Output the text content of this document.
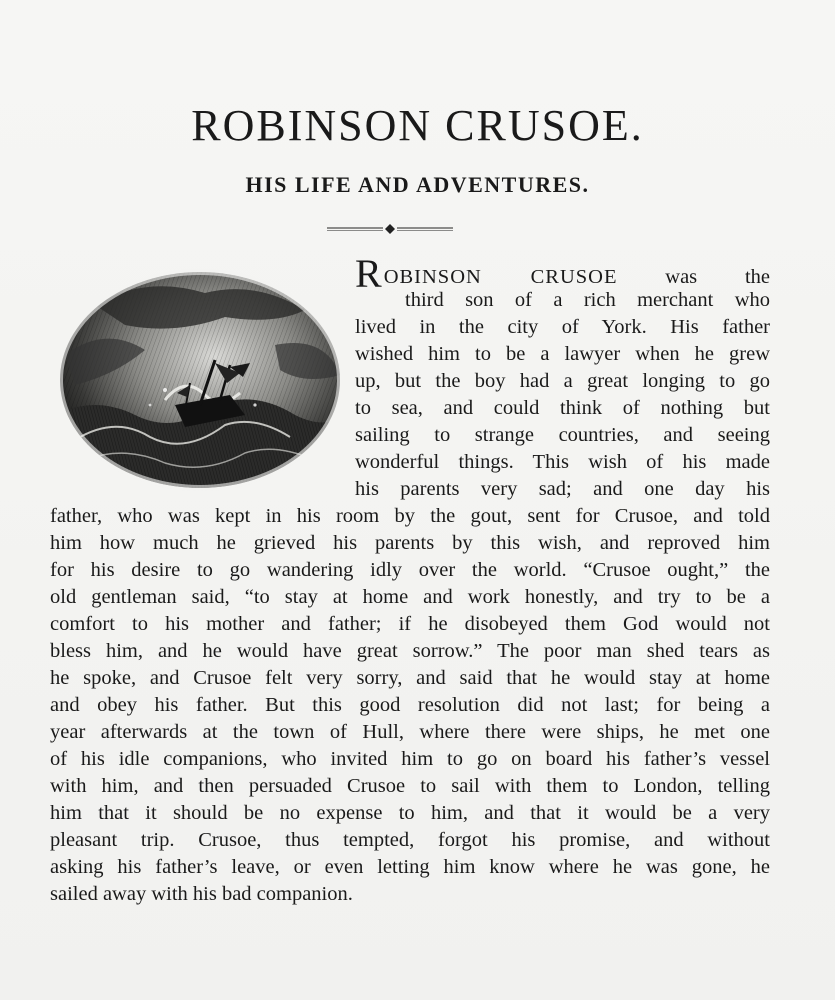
ROBINSON CRUSOE.
HIS LIFE AND ADVENTURES.
ROBINSON CRUSOE was the
third son of a rich merchant who
lived in the city of York. His father
wished him to be a lawyer when he grew
up, but the boy had a great longing to go
to sea, and could think of nothing but
sailing to strange countries, and seeing
wonderful things. This wish of his made
his parents very sad; and one day his
father, who was kept in his room by the gout, sent for Crusoe, and told
him how much he grieved his parents by this wish, and reproved him
for his desire to go wandering idly over the world. “Crusoe ought,” the
old gentleman said, “to stay at home and work honestly, and try to be a
comfort to his mother and father; if he disobeyed them God would not
bless him, and he would have great sorrow.” The poor man shed tears as
he spoke, and Crusoe felt very sorry, and said that he would stay at home
and obey his father. But this good resolution did not last; for being a
year afterwards at the town of Hull, where there were ships, he met one
of his idle companions, who invited him to go on board his father’s vessel
with him, and then persuaded Crusoe to sail with them to London, telling
him that it should be no expense to him, and that it would be a very
pleasant trip. Crusoe, thus tempted, forgot his promise, and without
asking his father’s leave, or even letting him know where he was gone, he
sailed away with his bad companion.
